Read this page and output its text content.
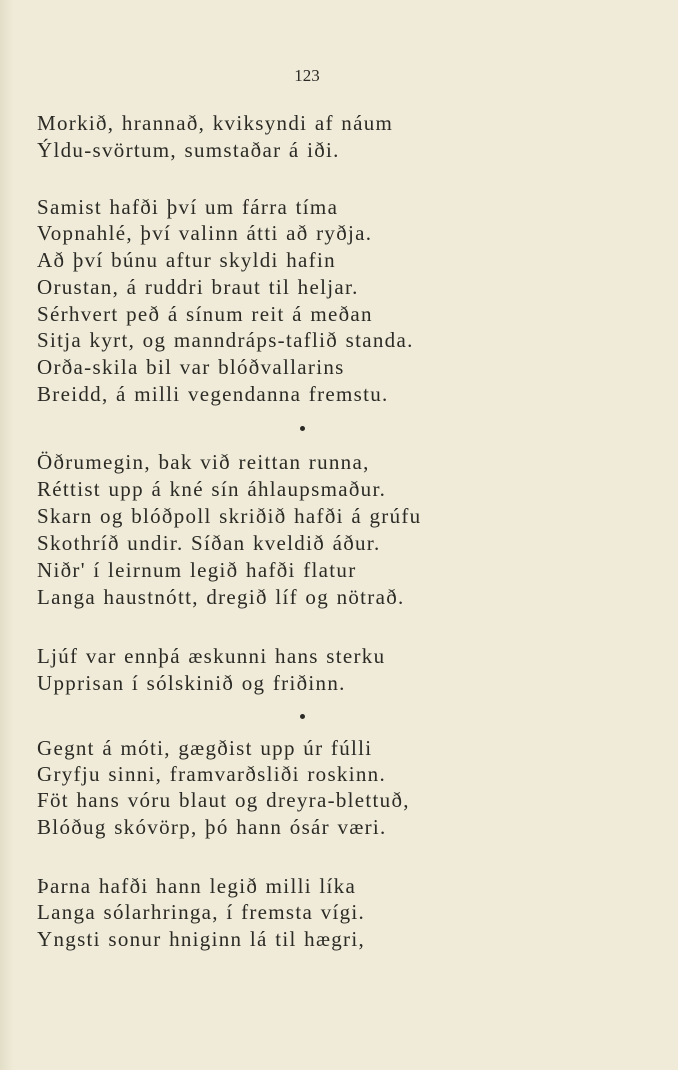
123
Morkið, hrannað, kviksyndi af náum
Ýldu-svörtum, sumstaðar á iði.
Samist hafði því um fárra tíma
Vopnahlé, því valinn átti að ryðja.
Að því búnu aftur skyldi hafin
Orustan, á ruddri braut til heljar.
Sérhvert peð á sínum reit á meðan
Sitja kyrt, og manndráps-taflið standa.
Orða-skila bil var blóðvallarins
Breidd, á milli vegendanna fremstu.
Öðrumegin, bak við reittan runna,
Réttist upp á kné sín áhlaupsmaður.
Skarn og blóðpoll skriðið hafði á grúfu
Skothríð undir. Síðan kveldið áður.
Niðr' í leirnum legið hafði flatur
Langa haustnótt, dregið líf og nötrað.
Ljúf var ennþá æskunni hans sterku
Upprisan í sólskinið og friðinn.
Gegnt á móti, gægðist upp úr fúlli
Gryfju sinni, framvarðsliði roskinn.
Föt hans vóru blaut og dreyra-blettuð,
Blóðug skóvörp, þó hann ósár væri.
Þarna hafði hann legið milli líka
Langa sólarhringa, í fremsta vígi.
Yngsti sonur hniginn lá til hægri,
